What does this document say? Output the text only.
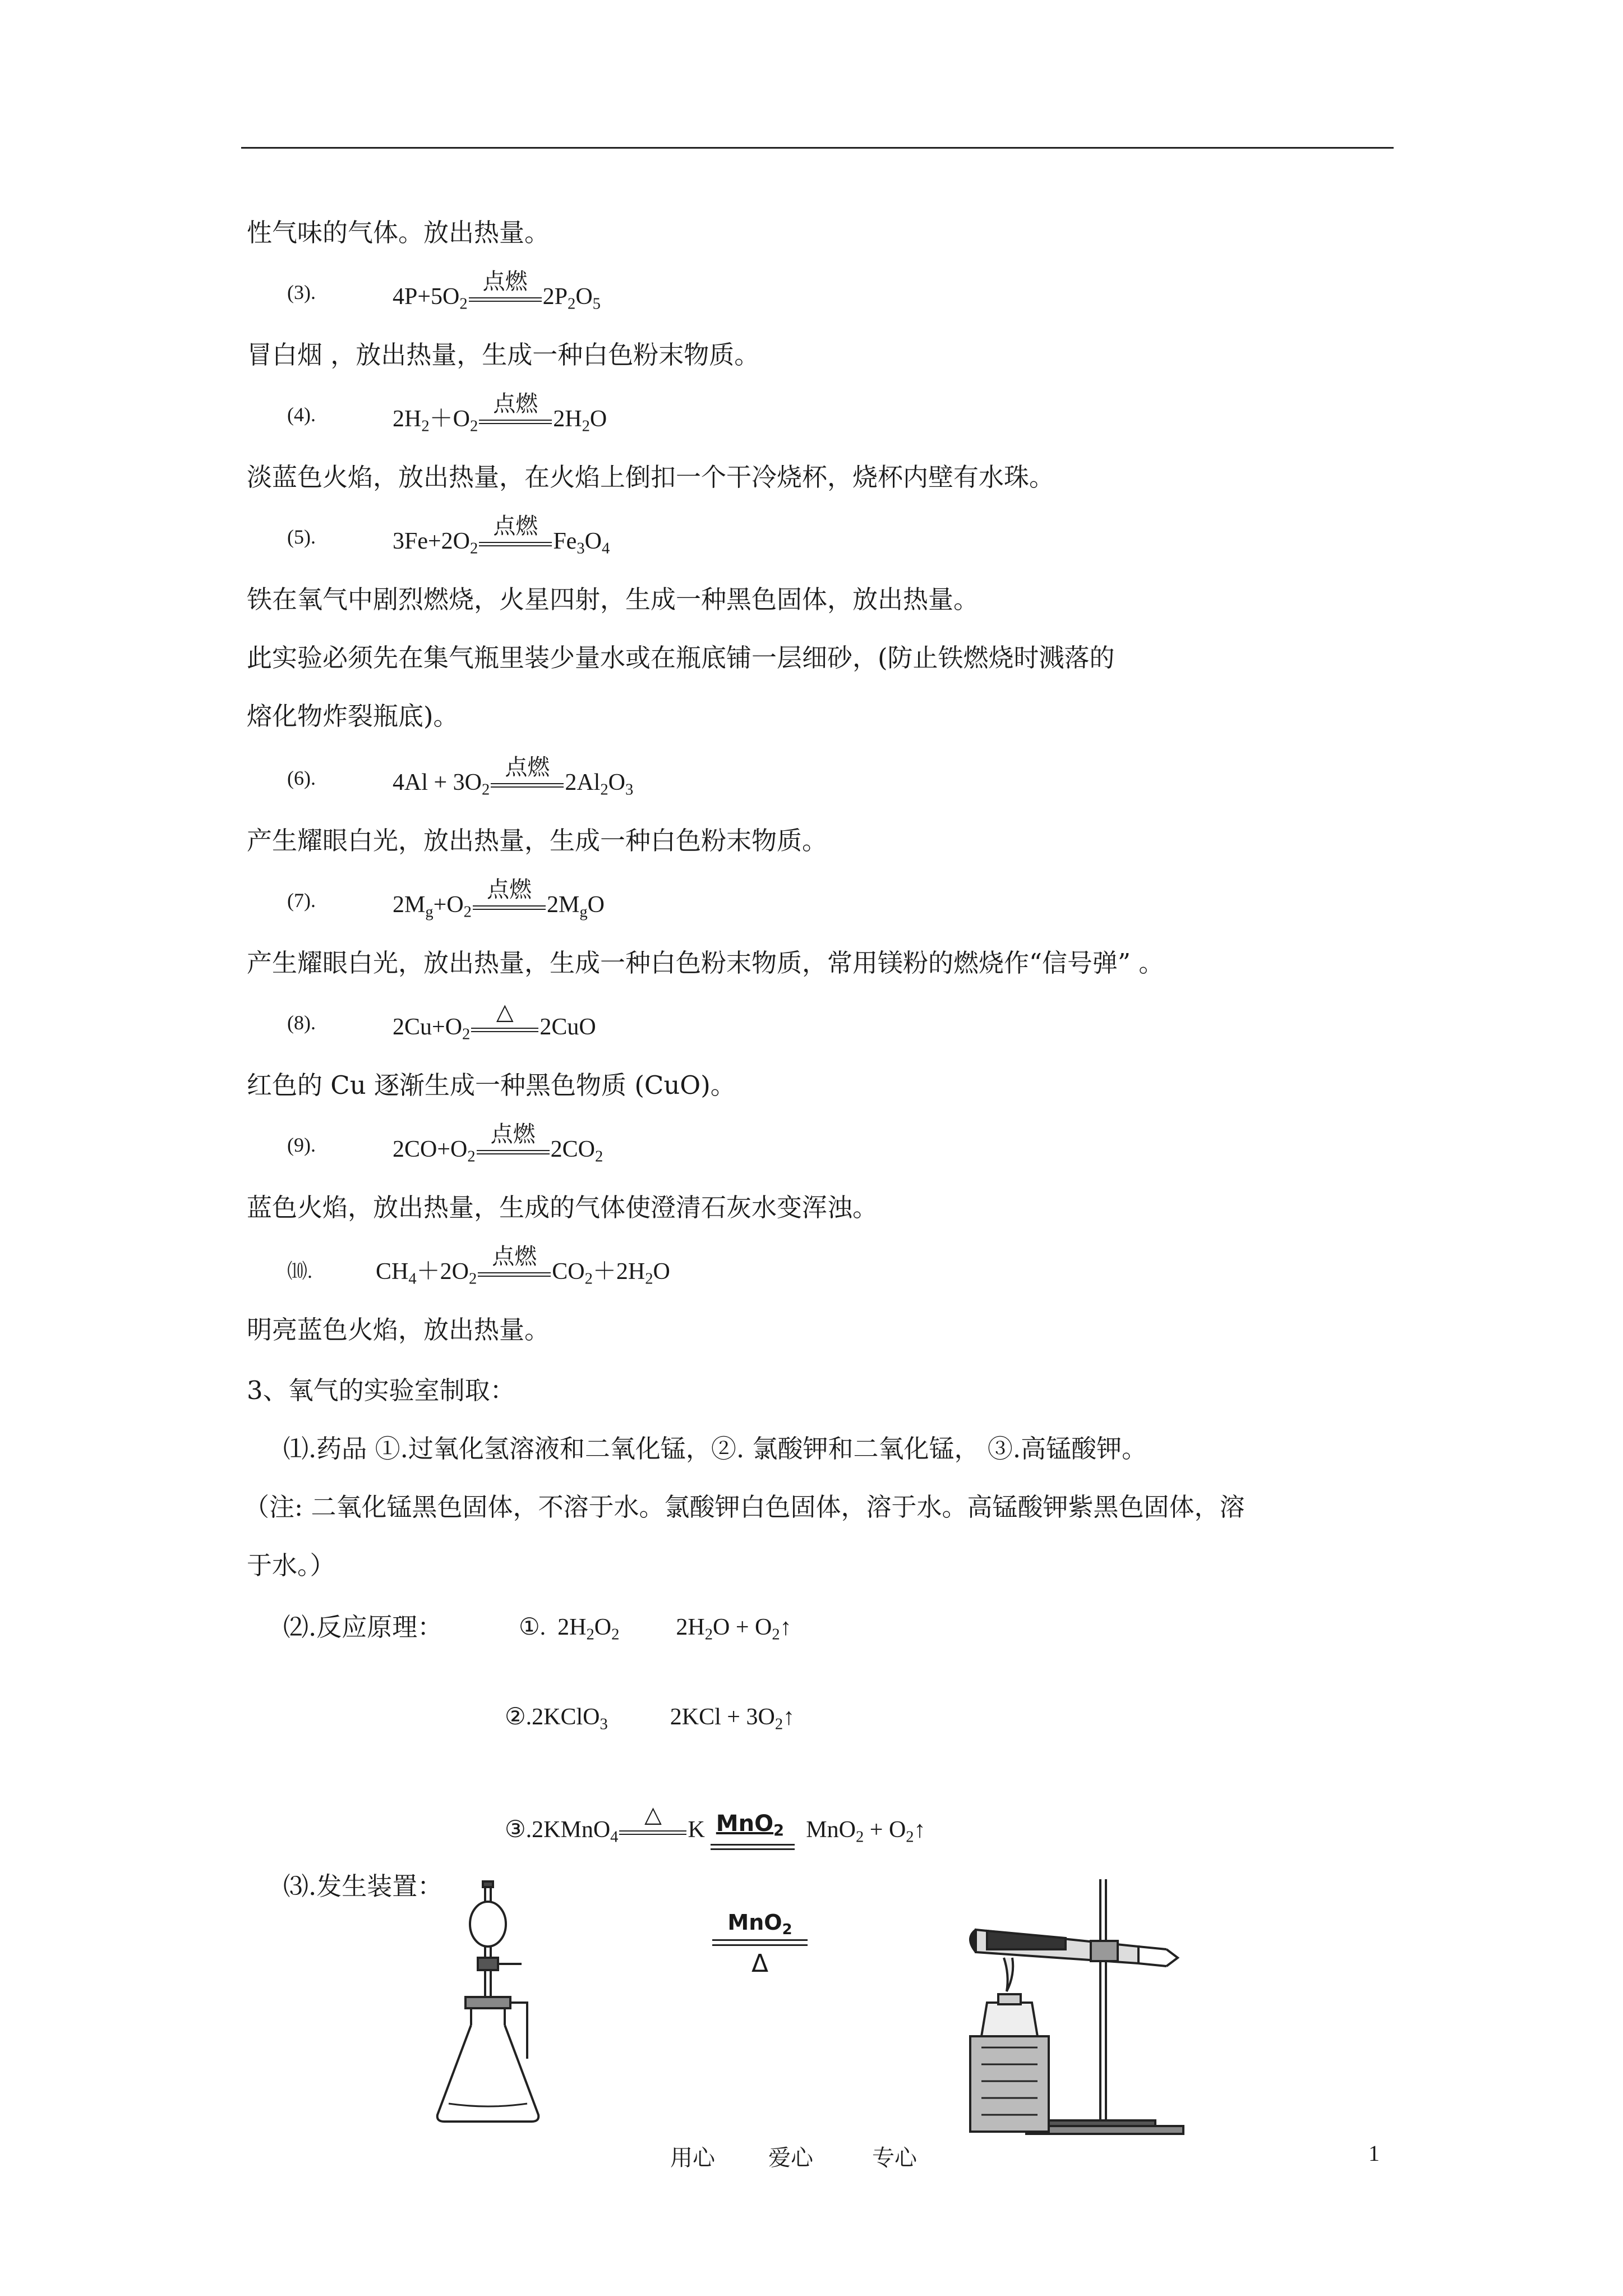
性气味的气体。放出热量。
(3).	$4P+5O_2$
点燃
$2P_2O_5$
冒白烟 ，放出热量，生成一种白色粉末物质。
(4).	$2H_2+O_2$
点燃
$2H_2O$
淡蓝色火焰，放出热量，在火焰上倒扣一个干冷烧杯，烧杯内壁有水珠。
(5).	$3Fe+2O_2$
点燃
$Fe_3O_4$
铁在氧气中剧烈燃烧，火星四射，生成一种黑色固体，放出热量。
此实验必须先在集气瓶里装少量水或在瓶底铺一层细砂，(防止铁燃烧时溅落的
熔化物炸裂瓶底)。
(6).	$4Al + 3O_2$
点燃
$2Al_2O_3$
产生耀眼白光，放出热量，生成一种白色粉末物质。
(7).	$2M_g+O_2$
点燃
$2M_gO$
产生耀眼白光，放出热量，生成一种白色粉末物质，常用镁粉的燃烧作“信号弹” 。
(8).	$2Cu+O_2$
△
2CuO
红色的 Cu 逐渐生成一种黑色物质 (CuO)。
(9).	$2CO+O_2$
点燃
$2CO_2$
蓝色火焰，放出热量，生成的气体使澄清石灰水变浑浊。
⑽.	$CH_4+2O_2$
点燃
$CO_2+2H_2O$
明亮蓝色火焰，放出热量。
3、氧气的实验室制取：
⑴.药品 ①.过氧化氢溶液和二氧化锰，②. 氯酸钾和二氧化锰， ③.高锰酸钾。
（注: 二氧化锰黑色固体，不溶于水。氯酸钾白色固体，溶于水。高锰酸钾紫黑色固体，溶
于水。）
⑵.反应原理：	①. $2H_2O_2$ $2H_2O$ + $O_2↑$
②.2KClO$_3$	$2KCl + 3O_2↑$
③.2KMnO$_4$
△
K MnO$_2$ $MnO_2 + O_2↑$
⑶.发生装置：
MnO$_2$
Δ
用心 爱心	专心	1
